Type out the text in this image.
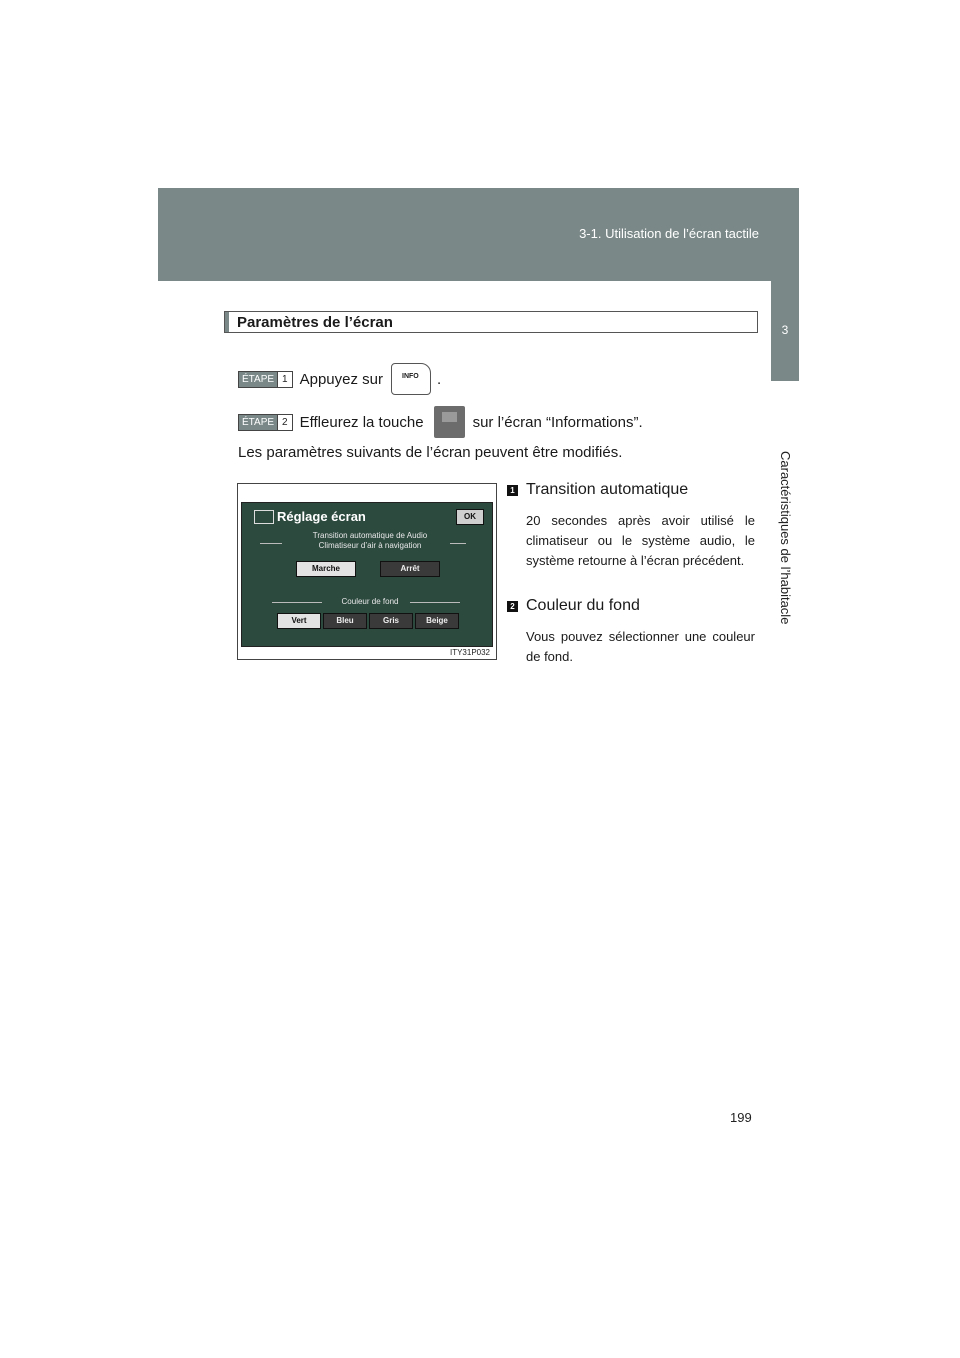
3-1. Utilisation de l’écran tactile
3
Caractéristiques de l’habitacle
Paramètres de l’écran
ÉTAPE 1 Appuyez sur	INFO .
ÉTAPE 2 Effleurez la touche	sur l’écran “Informations”.
Les paramètres suivants de l’écran peuvent être modifiés.
Réglage écran	OK
Transition automatique de Audio
Climatiseur d’air à navigation
Marche	Arrêt
Couleur de fond
Vert	Bleu	Gris	Beige
ITY31P032
1 Transition automatique
20 secondes après avoir utilisé le climatiseur ou le système audio, le système retourne à l’écran précédent.
2 Couleur du fond
Vous pouvez sélectionner une couleur de fond.
199
